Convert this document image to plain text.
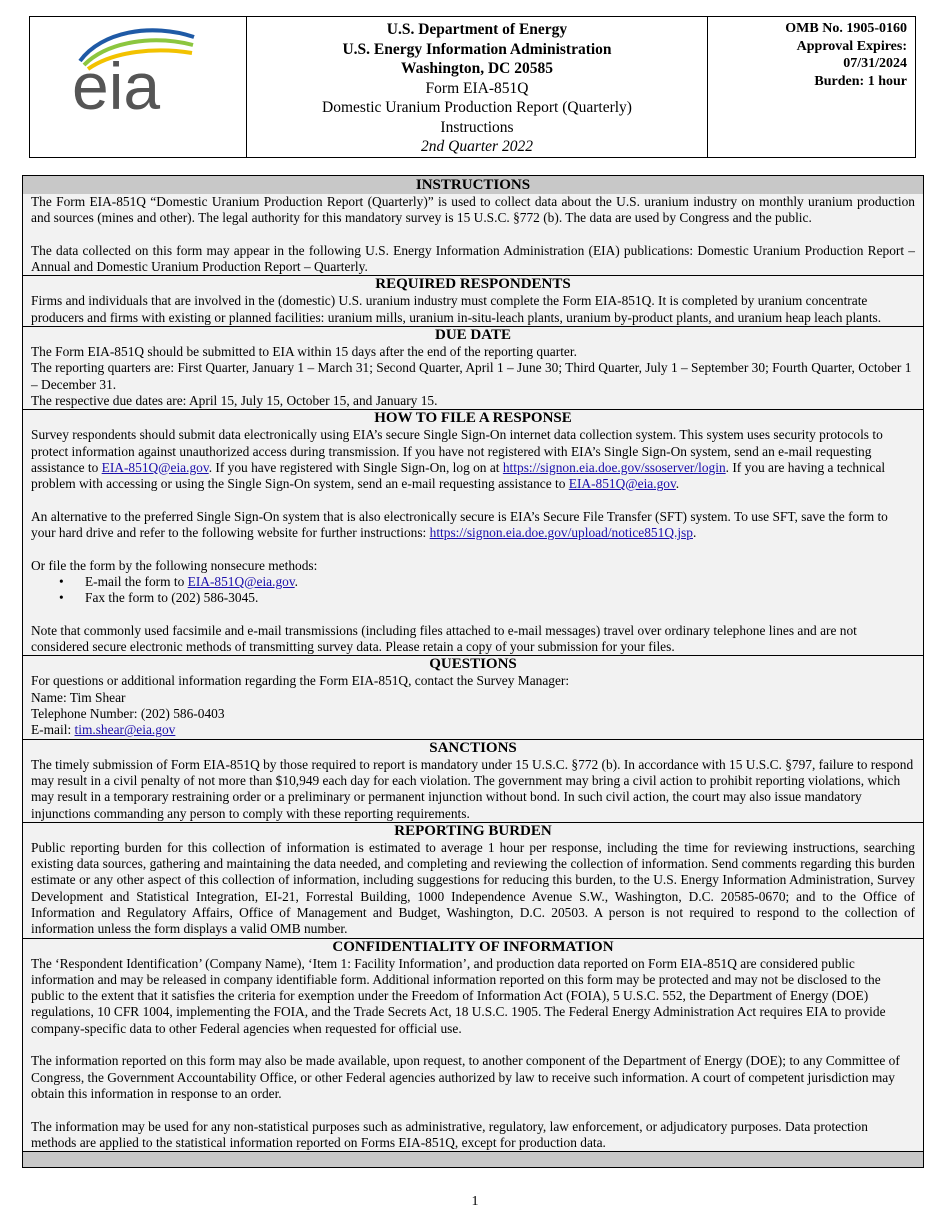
eia

U.S. Department of Energy
U.S. Energy Information Administration
Washington, DC 20585
Form EIA-851Q
Domestic Uranium Production Report (Quarterly)
Instructions
2nd Quarter 2022

OMB No. 1905-0160
Approval Expires:
07/31/2024
Burden: 1 hour
INSTRUCTIONS

The Form EIA-851Q “Domestic Uranium Production Report (Quarterly)” is used to collect data about the U.S. uranium industry on monthly uranium production and sources (mines and other). The legal authority for this mandatory survey is 15 U.S.C. §772 (b). The data are used by Congress and the public.

The data collected on this form may appear in the following U.S. Energy Information Administration (EIA) publications: Domestic Uranium Production Report – Annual and Domestic Uranium Production Report – Quarterly.

REQUIRED RESPONDENTS

Firms and individuals that are involved in the (domestic) U.S. uranium industry must complete the Form EIA-851Q. It is completed by uranium concentrate producers and firms with existing or planned facilities: uranium mills, uranium in-situ-leach plants, uranium by-product plants, and uranium heap leach plants.

DUE DATE

The Form EIA-851Q should be submitted to EIA within 15 days after the end of the reporting quarter.

The reporting quarters are: First Quarter, January 1 – March 31; Second Quarter, April 1 – June 30; Third Quarter, July 1 – September 30; Fourth Quarter, October 1 – December 31.

The respective due dates are: April 15, July 15, October 15, and January 15.

HOW TO FILE A RESPONSE

Survey respondents should submit data electronically using EIA’s secure Single Sign-On internet data collection system. This system uses security protocols to protect information against unauthorized access during transmission. If you have not registered with EIA’s Single Sign-On system, send an e-mail requesting assistance to EIA-851Q@eia.gov. If you have registered with Single Sign-On, log on at https://signon.eia.doe.gov/ssoserver/login. If you are having a technical problem with accessing or using the Single Sign-On system, send an e-mail requesting assistance to EIA-851Q@eia.gov.

An alternative to the preferred Single Sign-On system that is also electronically secure is EIA’s Secure File Transfer (SFT) system. To use SFT, save the form to your hard drive and refer to the following website for further instructions: https://signon.eia.doe.gov/upload/notice851Q.jsp.

Or file the form by the following nonsecure methods:

• E-mail the form to EIA-851Q@eia.gov.
• Fax the form to (202) 586-3045.

Note that commonly used facsimile and e-mail transmissions (including files attached to e-mail messages) travel over ordinary telephone lines and are not considered secure electronic methods of transmitting survey data. Please retain a copy of your submission for your files.

QUESTIONS

For questions or additional information regarding the Form EIA-851Q, contact the Survey Manager:

Name: Tim Shear

Telephone Number: (202) 586-0403

E-mail: tim.shear@eia.gov

SANCTIONS

The timely submission of Form EIA-851Q by those required to report is mandatory under 15 U.S.C. §772 (b). In accordance with 15 U.S.C. §797, failure to respond may result in a civil penalty of not more than $10,949 each day for each violation. The government may bring a civil action to prohibit reporting violations, which may result in a temporary restraining order or a preliminary or permanent injunction without bond. In such civil action, the court may also issue mandatory injunctions commanding any person to comply with these reporting requirements.

REPORTING BURDEN

Public reporting burden for this collection of information is estimated to average 1 hour per response, including the time for reviewing instructions, searching existing data sources, gathering and maintaining the data needed, and completing and reviewing the collection of information. Send comments regarding this burden estimate or any other aspect of this collection of information, including suggestions for reducing this burden, to the U.S. Energy Information Administration, Survey Development and Statistical Integration, EI-21, Forrestal Building, 1000 Independence Avenue S.W., Washington, D.C. 20585-0670; and to the Office of Information and Regulatory Affairs, Office of Management and Budget, Washington, D.C. 20503. A person is not required to respond to the collection of information unless the form displays a valid OMB number.

CONFIDENTIALITY OF INFORMATION

The ‘Respondent Identification’ (Company Name), ‘Item 1: Facility Information’, and production data reported on Form EIA-851Q are considered public information and may be released in company identifiable form. Additional information reported on this form may be protected and may not be disclosed to the public to the extent that it satisfies the criteria for exemption under the Freedom of Information Act (FOIA), 5 U.S.C. 552, the Department of Energy (DOE) regulations, 10 CFR 1004, implementing the FOIA, and the Trade Secrets Act, 18 U.S.C. 1905. The Federal Energy Administration Act requires EIA to provide company-specific data to other Federal agencies when requested for official use.

The information reported on this form may also be made available, upon request, to another component of the Department of Energy (DOE); to any Committee of Congress, the Government Accountability Office, or other Federal agencies authorized by law to receive such information. A court of competent jurisdiction may obtain this information in response to an order.

The information may be used for any non-statistical purposes such as administrative, regulatory, law enforcement, or adjudicatory purposes. Data protection methods are applied to the statistical information reported on Forms EIA-851Q, except for production data.

1
